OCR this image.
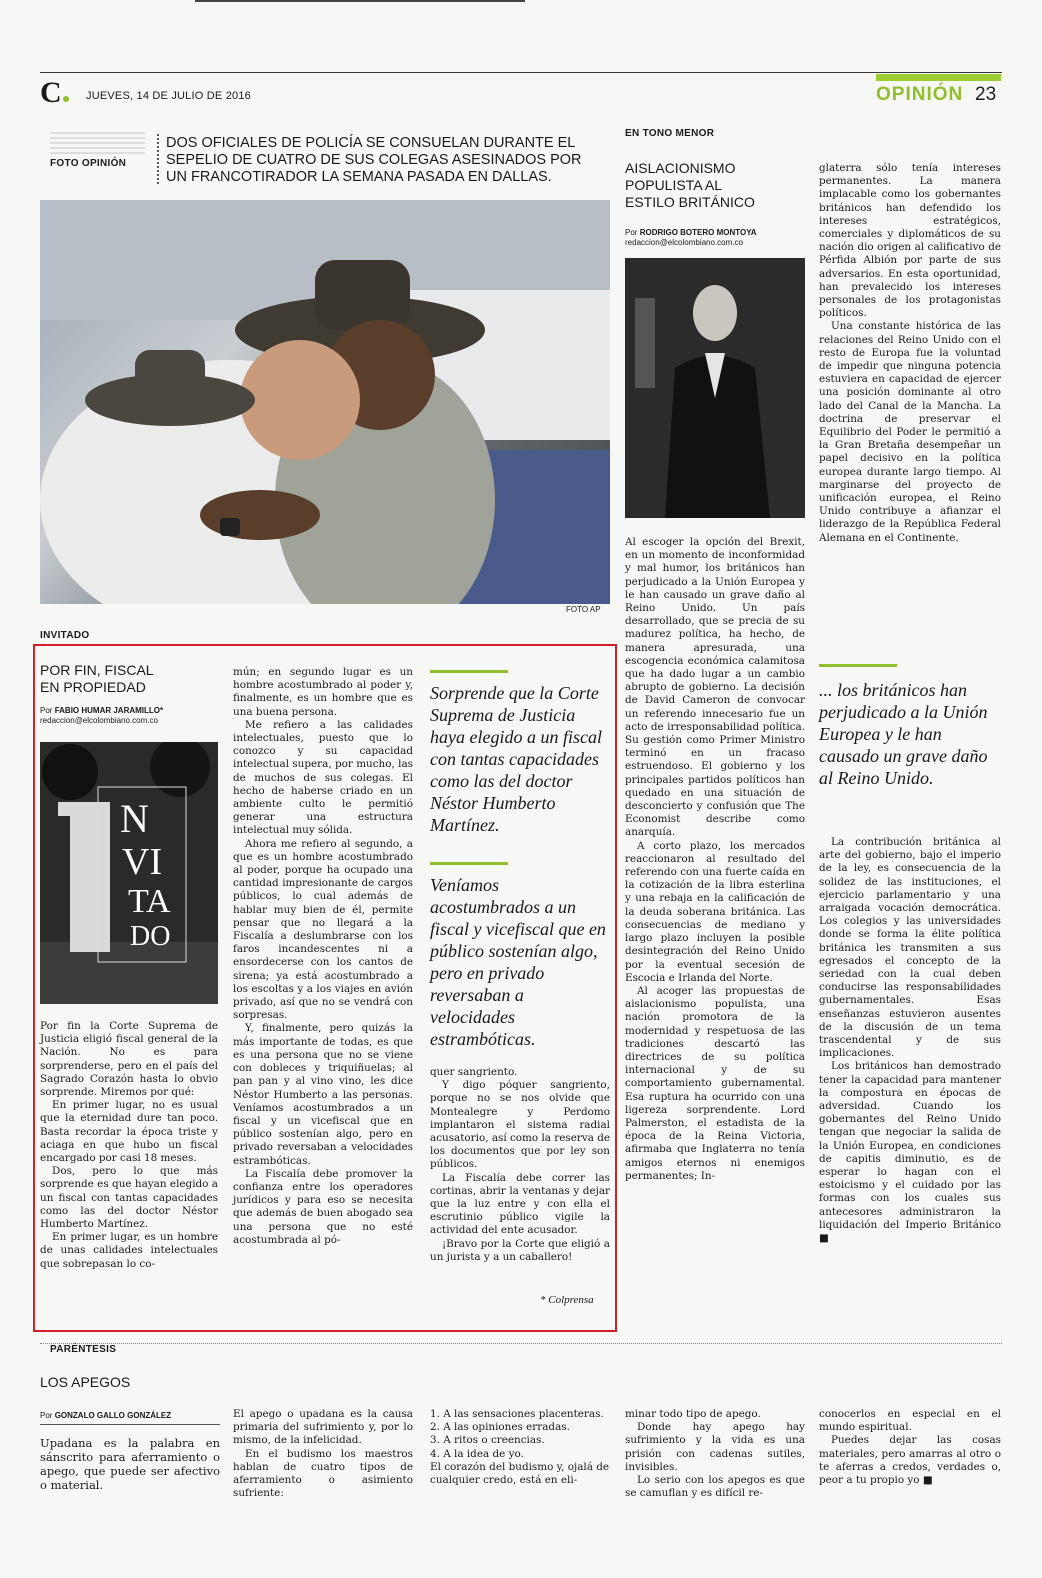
C	JUEVES, 14 DE JULIO DE 2016	OPINIÓN 23
FOTO OPINIÓN
DOS OFICIALES DE POLICÍA SE CONSUELAN DURANTE EL SEPELIO DE CUATRO DE SUS COLEGAS ASESINADOS POR UN FRANCOTIRADOR LA SEMANA PASADA EN DALLAS.
FOTO AP
INVITADO
POR FIN, FISCAL
EN PROPIEDAD
Por FABIO HUMAR JARAMILLO*
redaccion@elcolombiano.com.co
N
VI
TA
DO

Por fin la Corte Suprema de Justicia eligió fiscal general de la Nación. No es para sorprenderse, pero en el país del Sagrado Corazón hasta lo obvio sorprende. Miremos por qué:

En primer lugar, no es usual que la eternidad dure tan poco. Basta recordar la época triste y aciaga en que hubo un fiscal encargado por casi 18 meses.

Dos, pero lo que más sorprende es que hayan elegido a un fiscal con tantas capacidades como las del doctor Néstor Humberto Martínez.

En primer lugar, es un hombre de unas calidades intelectuales que sobrepasan lo co-

mún; en segundo lugar es un hombre acostumbrado al poder y, finalmente, es un hombre que es una buena persona.

Me refiero a las calidades intelectuales, puesto que lo conozco y su capacidad intelectual supera, por mucho, las de muchos de sus colegas. El hecho de haberse criado en un ambiente culto le permitió generar una estructura intelectual muy sólida.

Ahora me refiero al segundo, a que es un hombre acostumbrado al poder, porque ha ocupado una cantidad impresionante de cargos públicos, lo cual además de hablar muy bien de él, permite pensar que no llegará a la Fiscalía a deslumbrarse con los faros incandescentes ni a ensordecerse con los cantos de sirena; ya está acostumbrado a los escoltas y a los viajes en avión privado, así que no se vendrá con sorpresas.

Y, finalmente, pero quizás la más importante de todas, es que es una persona que no se viene con dobleces y triquiñuelas; al pan pan y al vino vino, les dice Néstor Humberto a las personas. Veníamos acostumbrados a un fiscal y un vicefiscal que en público sostenían algo, pero en privado reversaban a velocidades estrambóticas.

La Fiscalía debe promover la confianza entre los operadores jurídicos y para eso se necesita que además de buen abogado sea una persona que no esté acostumbrada al pó-

Sorprende que la Corte Suprema de Justicia haya elegido a un fiscal con tantas capacidades como las del doctor Néstor Humberto Martínez.
Veníamos acostumbrados a un fiscal y vicefiscal que en público sostenían algo, pero en privado reversaban a velocidades estrambóticas.

quer sangriento.

Y digo póquer sangriento, porque no se nos olvide que Montealegre y Perdomo implantaron el sistema radial acusatorio, así como la reserva de los documentos que por ley son públicos.

La Fiscalía debe correr las cortinas, abrir la ventanas y dejar que la luz entre y con ella el escrutinio público vigile la actividad del ente acusador.

¡Bravo por la Corte que eligió a un jurista y a un caballero!

* Colprensa
EN TONO MENOR
AISLACIONISMO
POPULISTA AL
ESTILO BRITÁNICO
Por RODRIGO BOTERO MONTOYA
redaccion@elcolombiano.com.co

Al escoger la opción del Brexit, en un momento de inconformidad y mal humor, los británicos han perjudicado a la Unión Europea y le han causado un grave daño al Reino Unido. Un país desarrollado, que se precia de su madurez política, ha hecho, de manera apresurada, una escogencia económica calamitosa que ha dado lugar a un cambio abrupto de gobierno. La decisión de David Cameron de convocar un referendo innecesario fue un acto de irresponsabilidad política. Su gestión como Primer Ministro terminó en un fracaso estruendoso. El gobierno y los principales partidos políticos han quedado en una situación de desconcierto y confusión que The Economist describe como anarquía.

A corto plazo, los mercados reaccionaron al resultado del referendo con una fuerte caída en la cotización de la libra esterlina y una rebaja en la calificación de la deuda soberana británica. Las consecuencias de mediano y largo plazo incluyen la posible desintegración del Reino Unido por la eventual secesión de Escocia e Irlanda del Norte.

Al acoger las propuestas de aislacionismo populista, una nación promotora de la modernidad y respetuosa de las tradiciones descartó las directrices de su política internacional y de su comportamiento gubernamental. Esa ruptura ha ocurrido con una ligereza sorprendente. Lord Palmerston, el estadista de la época de la Reina Victoria, afirmaba que Inglaterra no tenía amigos eternos ni enemigos permanentes; In-

glaterra sólo tenía intereses permanentes. La manera implacable como los gobernantes británicos han defendido los intereses estratégicos, comerciales y diplomáticos de su nación dio origen al calificativo de Pérfida Albión por parte de sus adversarios. En esta oportunidad, han prevalecido los intereses personales de los protagonistas políticos.

Una constante histórica de las relaciones del Reino Unido con el resto de Europa fue la voluntad de impedir que ninguna potencia estuviera en capacidad de ejercer una posición dominante al otro lado del Canal de la Mancha. La doctrina de preservar el Equilibrio del Poder le permitió a la Gran Bretaña desempeñar un papel decisivo en la política europea durante largo tiempo. Al marginarse del proyecto de unificación europea, el Reino Unido contribuye a afianzar el liderazgo de la República Federal Alemana en el Continente.

... los británicos han perjudicado a la Unión Europea y le han causado un grave daño al Reino Unido.

La contribución británica al arte del gobierno, bajo el imperio de la ley, es consecuencia de la solidez de las instituciones, el ejercicio parlamentario y una arraigada vocación democrática. Los colegios y las universidades donde se forma la élite política británica les transmiten a sus egresados el concepto de la seriedad con la cual deben conducirse las responsabilidades gubernamentales. Esas enseñanzas estuvieron ausentes de la discusión de un tema trascendental y de sus implicaciones.

Los británicos han demostrado tener la capacidad para mantener la compostura en épocas de adversidad. Cuando los gobernantes del Reino Unido tengan que negociar la salida de la Unión Europea, en condiciones de capitis diminutio, es de esperar lo hagan con el estoicismo y el cuidado por las formas con los cuales sus antecesores administraron la liquidación del Imperio Británico ■

PARÉNTESIS
LOS APEGOS
Por GONZALO GALLO GONZÁLEZ
Upadana es la palabra en sánscrito para aferramiento o apego, que puede ser afectivo o material.

El apego o upadana es la causa primaria del sufrimiento y, por lo mismo, de la infelicidad.

En el budismo los maestros hablan de cuatro tipos de aferramiento o asimiento sufriente:

1. A las sensaciones placenteras.
2. A las opiniones erradas.
3. A ritos o creencias.
4. A la idea de yo.
El corazón del budismo y, ojalá de cualquier credo, está en eli-

minar todo tipo de apego.

Donde hay apego hay sufrimiento y la vida es una prisión con cadenas sutiles, invisibles.

Lo serio con los apegos es que se camuflan y es difícil re-

conocerlos en especial en el mundo espiritual.

Puedes dejar las cosas materiales, pero amarras al otro o te aferras a credos, verdades o, peor a tu propio yo ■
